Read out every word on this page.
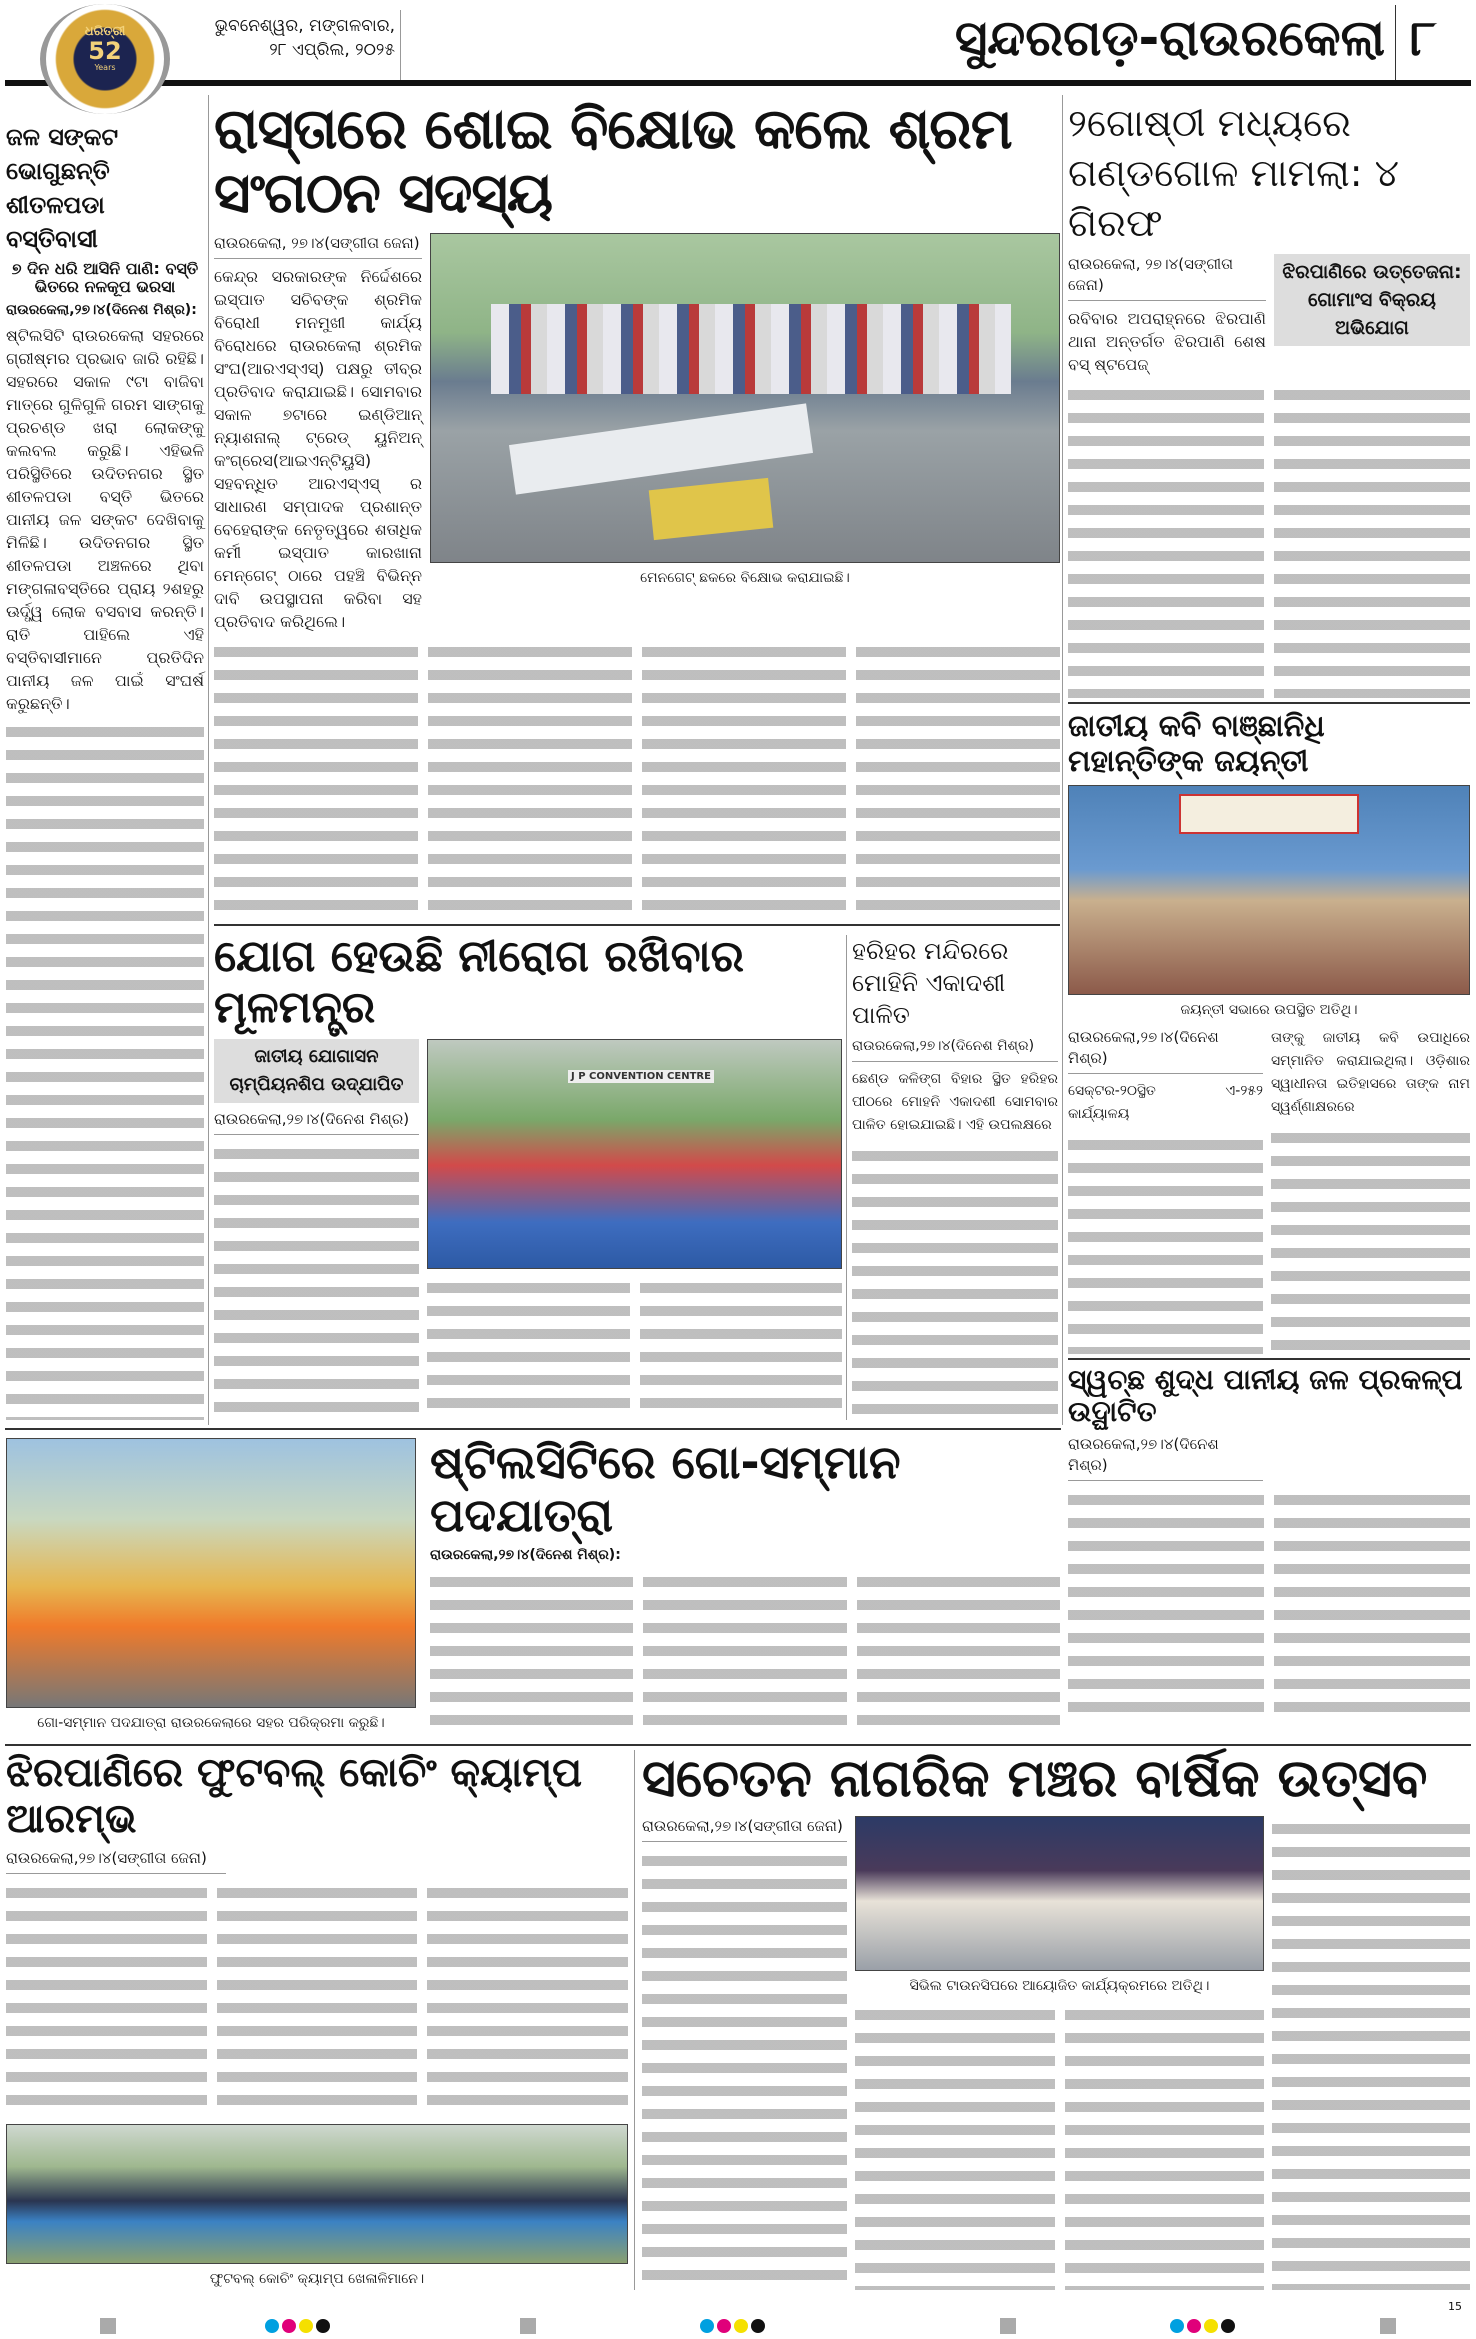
ଧରିତ୍ରୀ
52
Years
ଭୁବନେଶ୍ୱର, ମଙ୍ଗଳବାର,
୨୮ ଏପ୍ରିଲ, ୨୦୨୫	ସୁନ୍ଦରଗଡ଼-ରାଉରକେଲା ୮
ଜଳ ସଙ୍କଟ ଭୋଗୁଛନ୍ତି ଶୀତଳପଡା ବସ୍ତିବାସୀ
୭ ଦିନ ଧରି ଆସିନି ପାଣି: ବସ୍ତି ଭିତରେ ନଳକୂପ ଭରସା
ରାଉରକେଲା,୨୭।୪(ଦିନେଶ ମିଶ୍ର):
ଷ୍ଟିଲସିଟି ରାଉରକେଲା ସହରରେ ଗ୍ରୀଷ୍ମର ପ୍ରଭାବ ଜାରି ରହିଛି। ସହରରେ ସକାଳ ୯ଟା ବାଜିବା ମାତ୍ରେ ଗୁଳିଗୁଳି ଗରମ ସାଙ୍ଗକୁ ପ୍ରଚଣ୍ଡ ଖରା ଲୋକଙ୍କୁ କଲବଲ କରୁଛି। ଏହିଭଳି ପରିସ୍ଥିତିରେ ଉଦିତନଗର ସ୍ଥିତ ଶୀତଳପଡା ବସ୍ତି ଭିତରେ ପାନୀୟ ଜଳ ସଙ୍କଟ ଦେଖିବାକୁ ମିଳିଛି। ଉଦିତନଗର ସ୍ଥିତ ଶୀତଳପଡା ଅଞ୍ଚଳରେ ଥିବା ମଙ୍ଗଳାବସ୍ତିରେ ପ୍ରାୟ ୨ଶହରୁ ଊର୍ଦ୍ଧ୍ୱ ଲୋକ ବସବାସ କରନ୍ତି। ରାତି ପାହିଲେ ଏହି ବସ୍ତିବାସୀମାନେ ପ୍ରତିଦିନ ପାନୀୟ ଜଳ ପାଇଁ ସଂଘର୍ଷ କରୁଛନ୍ତି।
ରାସ୍ତାରେ ଶୋଇ ବିକ୍ଷୋଭ କଲେ ଶ୍ରମ ସଂଗଠନ ସଦସ୍ୟ
ରାଉରକେଲା, ୨୭।୪(ସଙ୍ଗୀତା ଜେନା)
କେନ୍ଦ୍ର ସରକାରଙ୍କ ନିର୍ଦ୍ଦେଶରେ ଇସ୍ପାତ ସଚିବଙ୍କ ଶ୍ରମିକ ବିରୋଧୀ ମନମୁଖୀ କାର୍ଯ୍ୟ ବିରୋଧରେ ରାଉରକେଲା ଶ୍ରମିକ ସଂଘ(ଆରଏସ୍ଏସ୍) ପକ୍ଷରୁ ତୀବ୍ର ପ୍ରତିବାଦ କରାଯାଇଛି। ସୋମବାର ସକାଳ ୭ଟାରେ ଇଣ୍ଡିଆନ୍ ନ୍ୟାଶନାଲ୍ ଟ୍ରେଡ୍ ୟୁନିଅନ୍ କଂଗ୍ରେସ(ଆଇଏନ୍ଟିୟୁସି) ସହବନ୍ଧିତ ଆରଏସ୍ଏସ୍ ର ସାଧାରଣ ସମ୍ପାଦକ ପ୍ରଶାନ୍ତ ବେହେରାଙ୍କ ନେତୃତ୍ୱରେ ଶତାଧିକ କର୍ମୀ ଇସ୍ପାତ କାରଖାନା ମେନ୍‌ଗେଟ୍ ଠାରେ ପହଞ୍ଚି ବିଭିନ୍ନ ଦାବି ଉପସ୍ଥାପନା କରିବା ସହ ପ୍ରତିବାଦ କରିଥିଲେ।
ମେନଗେଟ୍ ଛକରେ ବିକ୍ଷୋଭ କରାଯାଇଛି।
୨ଗୋଷ୍ଠୀ ମଧ୍ୟରେ ଗଣ୍ଡଗୋଳ ମାମଲା: ୪ ଗିରଫ
ରାଉରକେଲା, ୨୭।୪(ସଙ୍ଗୀତା ଜେନା)
ରବିବାର ଅପରାହ୍ନରେ ଝିରପାଣି ଥାନା ଅନ୍ତର୍ଗତ ଝିରପାଣି ଶେଷ ବସ୍ ଷ୍ଟପେଜ୍
ଝିରପାଣିରେ ଉତ୍ତେଜନା: ଗୋମାଂସ ବିକ୍ରୟ ଅଭିଯୋଗ
ଜାତୀୟ କବି ବାଞ୍ଛାନିଧି ମହାନ୍ତିଙ୍କ ଜୟନ୍ତୀ
ଜୟନ୍ତୀ ସଭାରେ ଉପସ୍ଥିତ ଅତିଥି।
ରାଉରକେଲା,୨୭।୪(ଦିନେଶ ମିଶ୍ର)
ସେକ୍ଟର-୨୦ସ୍ଥିତ ଏ-୨୫୨ କାର୍ଯ୍ୟାଳୟ
ତାଙ୍କୁ ଜାତୀୟ କବି ଉପାଧିରେ ସମ୍ମାନିତ କରାଯାଇଥିଲା। ଓଡ଼ିଶାର ସ୍ୱାଧୀନତା ଇତିହାସରେ ତାଙ୍କ ନାମ ସ୍ୱର୍ଣ୍ଣାକ୍ଷରରେ
ସ୍ୱଚ୍ଛ ଶୁଦ୍ଧ ପାନୀୟ ଜଳ ପ୍ରକଳ୍ପ ଉଦ୍ଘାଟିତ
ରାଉରକେଲା,୨୭।୪(ଦିନେଶ ମିଶ୍ର)
ଯୋଗ ହେଉଛି ନୀରୋଗ ରଖିବାର ମୂଳମନ୍ତ୍ର
ଜାତୀୟ ଯୋଗାସନ ଚାମ୍ପିୟନଶିପ ଉଦ୍ଯାପିତ
ରାଉରକେଲା,୨୭।୪(ଦିନେଶ ମିଶ୍ର)
J P CONVENTION CENTRE
ହରିହର ମନ୍ଦିରରେ ମୋହିନି ଏକାଦଶୀ ପାଳିତ
ରାଉରକେଲା,୨୭।୪(ଦିନେଶ ମିଶ୍ର)
ଛେଣ୍ଡ କଳିଙ୍ଗ ବିହାର ସ୍ଥିତ ହରିହର ପୀଠରେ ମୋହନି ଏକାଦଶୀ ସୋମବାର ପାଳିତ ହୋଇଯାଇଛି। ଏହି ଉପଲକ୍ଷରେ
ଗୋ-ସମ୍ମାନ ପଦଯାତ୍ରା ରାଉରକେଲାରେ ସହର ପରିକ୍ରମା କରୁଛି।
ଷ୍ଟିଲସିଟିରେ ଗୋ-ସମ୍ମାନ ପଦଯାତ୍ରା
ରାଉରକେଲା,୨୭।୪(ଦିନେଶ ମିଶ୍ର):
ଝିରପାଣିରେ ଫୁଟବଲ୍ କୋଚିଂ କ୍ୟାମ୍ପ ଆରମ୍ଭ
ରାଉରକେଲା,୨୭।୪(ସଙ୍ଗୀତା ଜେନା)
ଫୁଟବଲ୍ କୋଚିଂ କ୍ୟାମ୍ପ ଖେଳାଳିମାନେ।
ସଚେତନ ନାଗରିକ ମଞ୍ଚର ବାର୍ଷିକ ଉତ୍ସବ
ରାଉରକେଲା,୨୭।୪(ସଙ୍ଗୀତା ଜେନା)
ସିଭିଲ ଟାଉନସିପରେ ଆୟୋଜିତ କାର୍ଯ୍ୟକ୍ରମରେ ଅତିଥି।
15
